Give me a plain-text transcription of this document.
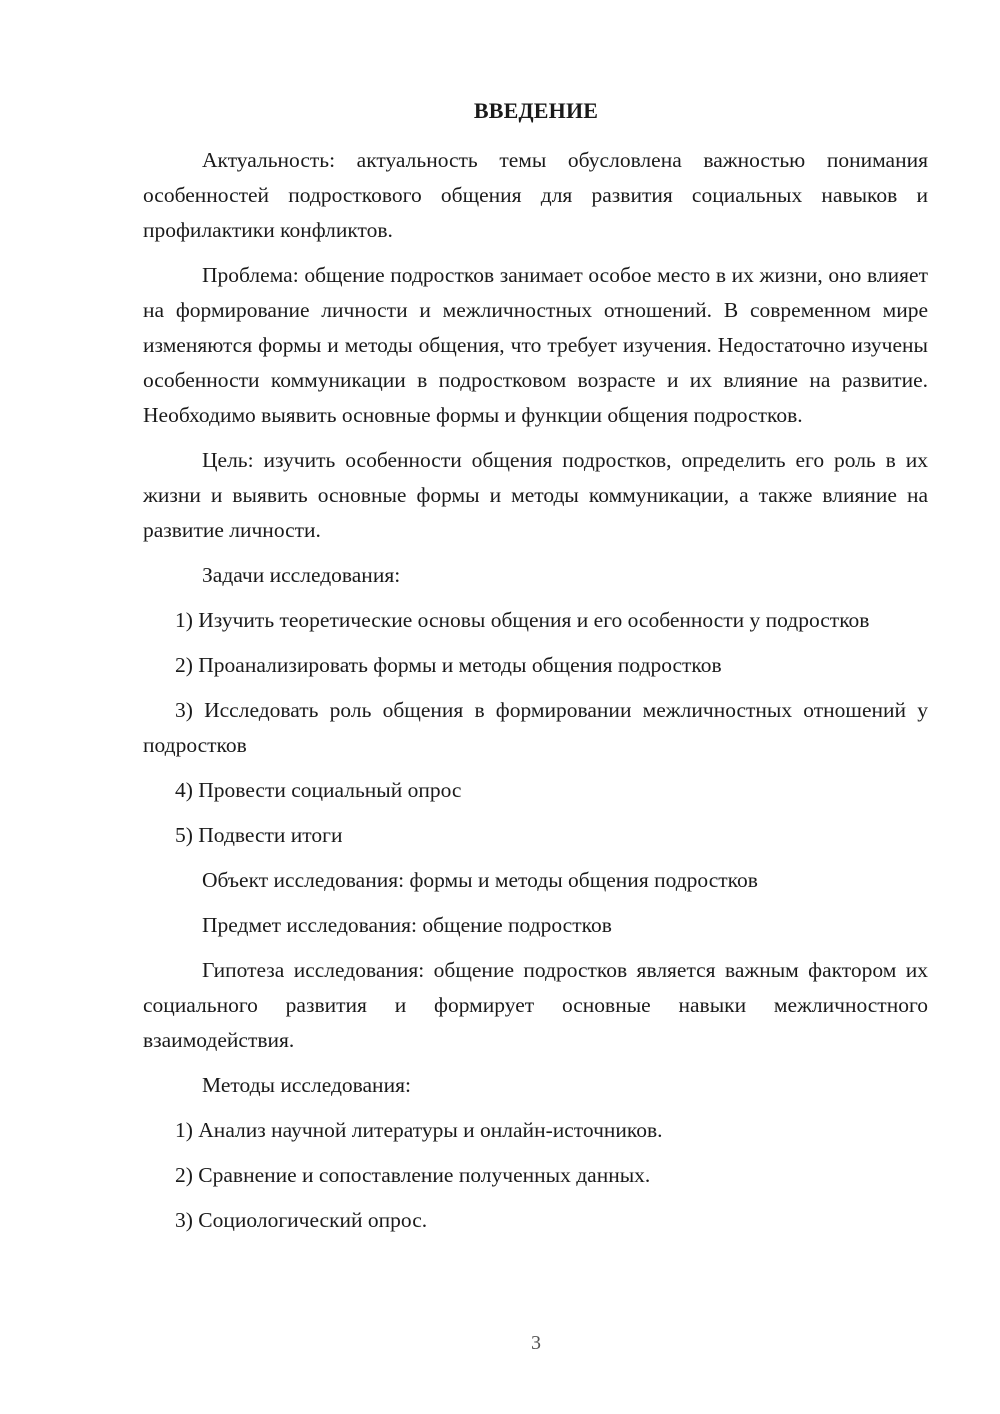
ВВЕДЕНИЕ

Актуальность: актуальность темы обусловлена важностью понимания особенностей подросткового общения для развития социальных навыков и профилактики конфликтов.

Проблема: общение подростков занимает особое место в их жизни, оно влияет на формирование личности и межличностных отношений. В современном мире изменяются формы и методы общения, что требует изучения. Недостаточно изучены особенности коммуникации в подростковом возрасте и их влияние на развитие. Необходимо выявить основные формы и функции общения подростков.

Цель: изучить особенности общения подростков, определить его роль в их жизни и выявить основные формы и методы коммуникации, а также влияние на развитие личности.

Задачи исследования:

1) Изучить теоретические основы общения и его особенности у подростков

2) Проанализировать формы и методы общения подростков

3) Исследовать роль общения в формировании межличностных отношений у подростков

4) Провести социальный опрос

5) Подвести итоги

Объект исследования: формы и методы общения подростков

Предмет исследования: общение подростков

Гипотеза исследования: общение подростков является важным фактором их социального развития и формирует основные навыки межличностного взаимодействия.

Методы исследования:

1) Анализ научной литературы и онлайн-источников.

2) Сравнение и сопоставление полученных данных.

3) Социологический опрос.

3
